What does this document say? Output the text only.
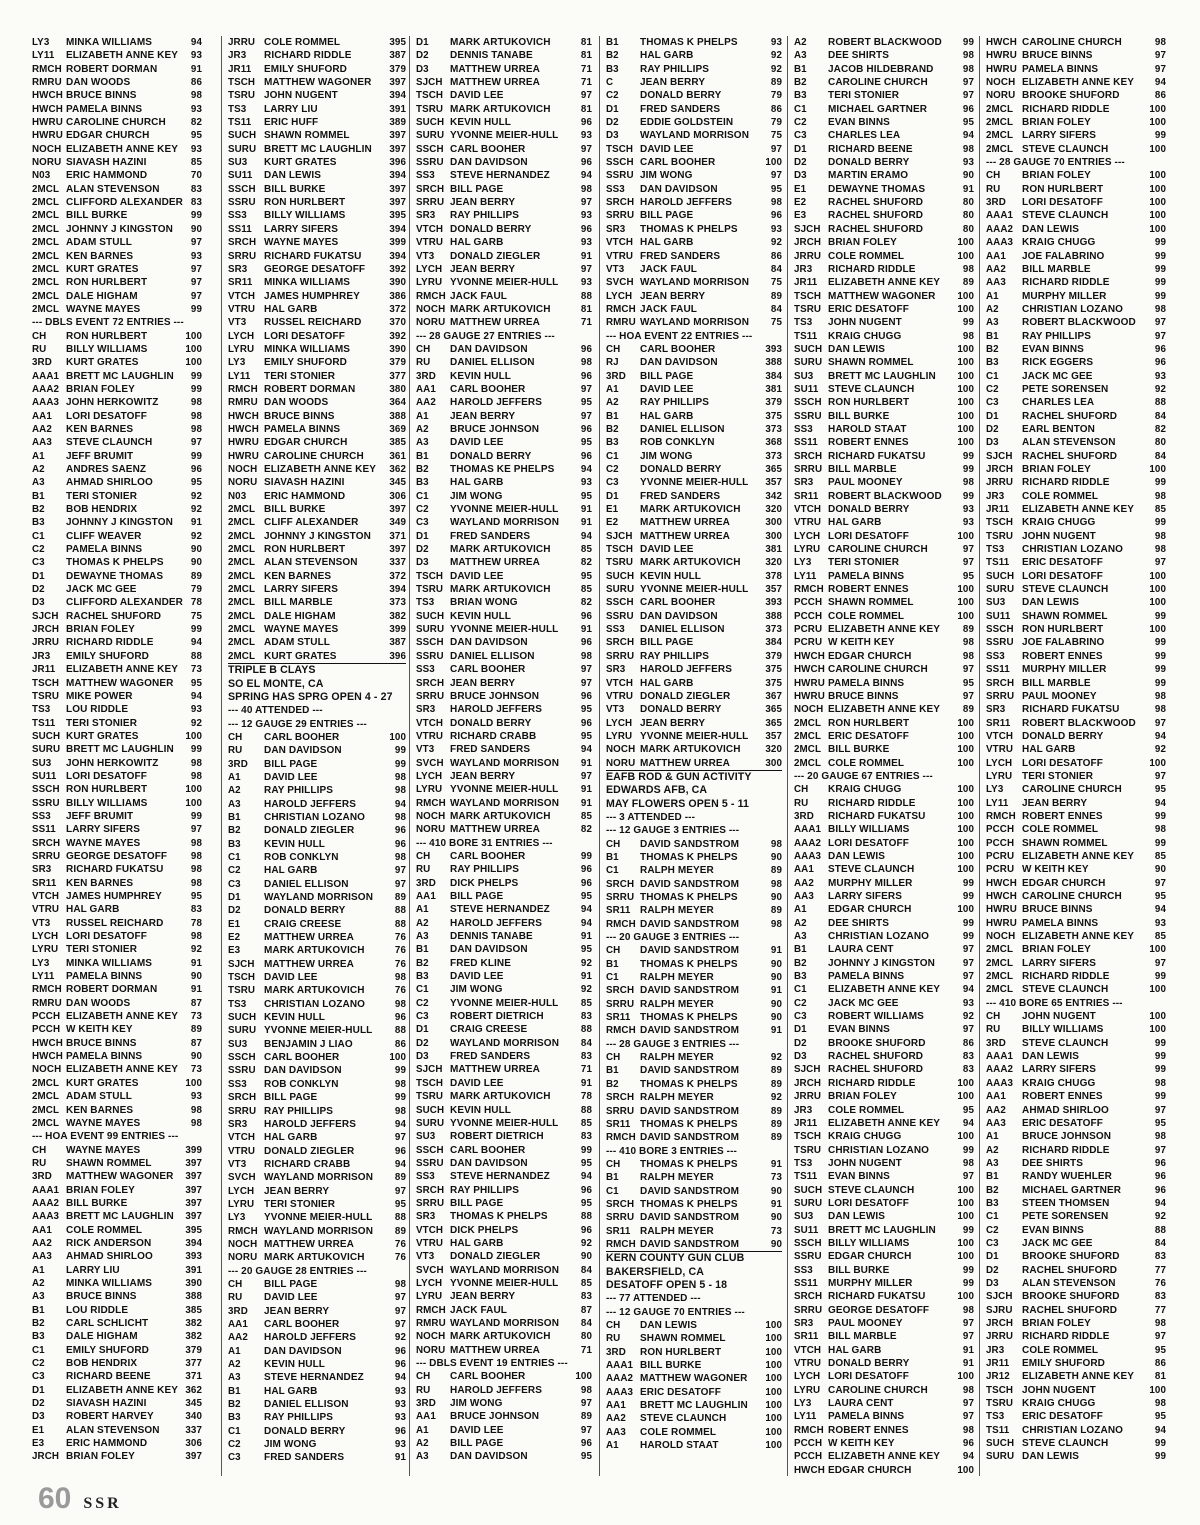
LY3	MINKA WILLIAMS	94
LY11	ELIZABETH ANNE KEY	93
RMCH ROBERT DORMAN	91
RMRU DAN WOODS	86
HWCH BRUCE BINNS	98
HWCH PAMELA BINNS	93
HWRU CAROLINE CHURCH	82
HWRU EDGAR CHURCH	95
NOCH ELIZABETH ANNE KEY	93
NORU SIAVASH HAZINI	85
N03	ERIC HAMMOND	70
2MCL ALAN STEVENSON	83
2MCL CLIFFORD ALEXANDER 83
2MCL BILL BURKE	99
2MCL JOHNNY J KINGSTON	90
2MCL ADAM STULL	97
2MCL KEN BARNES	93
2MCL KURT GRATES	97
2MCL RON HURLBERT	97
2MCL DALE HIGHAM	97
2MCL WAYNE MAYES	99
--- DBLS EVENT 72 ENTRIES ---
CH	RON HURLBERT	100
RU	BILLY WILLIAMS	100
3RD	KURT GRATES	100
AAA1 BRETT MC LAUGHLIN	99
AAA2 BRIAN FOLEY	99
AAA3 JOHN HERKOWITZ	98
AA1	LORI DESATOFF	98
AA2	KEN BARNES	98
AA3	STEVE CLAUNCH	97
A1	JEFF BRUMIT	99
A2	ANDRES SAENZ	96
A3	AHMAD SHIRLOO	95
B1	TERI STONIER	92
B2	BOB HENDRIX	92
B3	JOHNNY J KINGSTON	91
C1	CLIFF WEAVER	92
C2	PAMELA BINNS	90
C3	THOMAS K PHELPS	90
D1	DEWAYNE THOMAS	89
D2	JACK MC GEE	79
D3	CLIFFORD ALEXANDER 78
SJCH RACHEL SHUFORD	75
JRCH BRIAN FOLEY	99
JRRU RICHARD RIDDLE	94
JR3	EMILY SHUFORD	88
JR11	ELIZABETH ANNE KEY	73
TSCH MATTHEW WAGONER	95
TSRU MIKE POWER	94
TS3	LOU RIDDLE	93
TS11	TERI STONIER	92
SUCH KURT GRATES	100
SURU BRETT MC LAUGHLIN	99
SU3	JOHN HERKOWITZ	98
SU11 LORI DESATOFF	98
SSCH RON HURLBERT	100
SSRU BILLY WILLIAMS	100
SS3	JEFF BRUMIT	99
SS11	LARRY SIFERS	97
SRCH WAYNE MAYES	98
SRRU GEORGE DESATOFF	98
SR3	RICHARD FUKATSU	98
SR11 KEN BARNES	98
VTCH JAMES HUMPHREY	95
VTRU HAL GARB	83
VT3	RUSSEL REICHARD	78
LYCH LORI DESATOFF	98
LYRU TERI STONIER	92
LY3	MINKA WILLIAMS	91
LY11	PAMELA BINNS	90
RMCH ROBERT DORMAN	91
RMRU DAN WOODS	87
PCCH ELIZABETH ANNE KEY	73
PCCH W KEITH KEY	89
HWCH BRUCE BINNS	87
HWCH PAMELA BINNS	90
NOCH ELIZABETH ANNE KEY	73
2MCL KURT GRATES	100
2MCL ADAM STULL	93
2MCL KEN BARNES	98
2MCL WAYNE MAYES	98
--- HOA EVENT 99 ENTRIES ---
CH	WAYNE MAYES	399
RU	SHAWN ROMMEL	397
3RD	MATTHEW WAGONER	397
AAA1 BRIAN FOLEY	397
AAA2 BILL BURKE	397
AAA3 BRETT MC LAUGHLIN	397
AA1	COLE ROMMEL	395
AA2	RICK ANDERSON	394
AA3	AHMAD SHIRLOO	393
A1	LARRY LIU	391
A2	MINKA WILLIAMS	390
A3	BRUCE BINNS	388
B1	LOU RIDDLE	385
B2	CARL SCHLICHT	382
B3	DALE HIGHAM	382
C1	EMILY SHUFORD	379
C2	BOB HENDRIX	377
C3	RICHARD BEENE	371
D1	ELIZABETH ANNE KEY 362
D2	SIAVASH HAZINI	345
D3	ROBERT HARVEY	340
E1	ALAN STEVENSON	337
E3	ERIC HAMMOND	306
JRCH BRIAN FOLEY	397
JRRU COLE ROMMEL	395
JR3	RICHARD RIDDLE	387
JR11	EMILY SHUFORD	379
TSCH MATTHEW WAGONER	397
TSRU JOHN NUGENT	394
TS3	LARRY LIU	391
TS11	ERIC HUFF	389
SUCH SHAWN ROMMEL	397
SURU BRETT MC LAUGHLIN	397
SU3	KURT GRATES	396
SU11	DAN LEWIS	394
SSCH BILL BURKE	397
SSRU RON HURLBERT	397
SS3	BILLY WILLIAMS	395
SS11	LARRY SIFERS	394
SRCH WAYNE MAYES	399
SRRU RICHARD FUKATSU	394
SR3	GEORGE DESATOFF	392
SR11	MINKA WILLIAMS	390
VTCH JAMES HUMPHREY	386
VTRU HAL GARB	372
VT3	RUSSEL REICHARD	370
LYCH LORI DESATOFF	392
LYRU MINKA WILLIAMS	390
LY3	EMILY SHUFORD	379
LY11	TERI STONIER	377
RMCH ROBERT DORMAN	380
RMRU DAN WOODS	364
HWCH BRUCE BINNS	388
HWCH PAMELA BINNS	369
HWRU EDGAR CHURCH	385
HWRU CAROLINE CHURCH	361
NOCH ELIZABETH ANNE KEY	362
NORU SIAVASH HAZINI	345
N03	ERIC HAMMOND	306
2MCL BILL BURKE	397
2MCL CLIFF ALEXANDER	349
2MCL JOHNNY J KINGSTON	371
2MCL RON HURLBERT	397
2MCL ALAN STEVENSON	337
2MCL KEN BARNES	372
2MCL LARRY SIFERS	394
2MCL BILL MARBLE	373
2MCL DALE HIGHAM	382
2MCL WAYNE MAYES	399
2MCL ADAM STULL	387
2MCL KURT GRATES	396
TRIPLE B CLAYS
SO EL MONTE, CA
SPRING HAS SPRG OPEN 4 - 27
--- 40 ATTENDED ---
--- 12 GAUGE 29 ENTRIES ---
CH	CARL BOOHER	100
RU	DAN DAVIDSON	99
3RD	BILL PAGE	99
A1	DAVID LEE	98
A2	RAY PHILLIPS	98
A3	HAROLD JEFFERS	94
B1	CHRISTIAN LOZANO	98
B2	DONALD ZIEGLER	96
B3	KEVIN HULL	96
C1	ROB CONKLYN	98
C2	HAL GARB	97
C3	DANIEL ELLISON	97
D1	WAYLAND MORRISON	89
D2	DONALD BERRY	88
E1	CRAIG CREESE	88
E2	MATTHEW URREA	76
E3	MARK ARTUKOVICH	76
SJCH MATTHEW URREA	76
TSCH DAVID LEE	98
TSRU MARK ARTUKOVICH	76
TS3	CHRISTIAN LOZANO	98
SUCH KEVIN HULL	96
SURU YVONNE MEIER-HULL	88
SU3	BENJAMIN J LIAO	86
SSCH CARL BOOHER	100
SSRU DAN DAVIDSON	99
SS3	ROB CONKLYN	98
SRCH BILL PAGE	99
SRRU RAY PHILLIPS	98
SR3	HAROLD JEFFERS	94
VTCH HAL GARB	97
VTRU DONALD ZIEGLER	96
VT3	RICHARD CRABB	94
SVCH WAYLAND MORRISON	89
LYCH JEAN BERRY	97
LYRU TERI STONIER	95
LY3	YVONNE MEIER-HULL	88
RMCH WAYLAND MORRISON	89
NOCH MATTHEW URREA	76
NORU MARK ARTUKOVICH	76
--- 20 GAUGE 28 ENTRIES ---
CH	BILL PAGE	98
RU	DAVID LEE	97
3RD	JEAN BERRY	97
AA1	CARL BOOHER	97
AA2	HAROLD JEFFERS	92
A1	DAN DAVIDSON	96
A2	KEVIN HULL	96
A3	STEVE HERNANDEZ	94
B1	HAL GARB	93
B2	DANIEL ELLISON	93
B3	RAY PHILLIPS	93
C1	DONALD BERRY	96
C2	JIM WONG	93
C3	FRED SANDERS	91
D1	MARK ARTUKOVICH	81
D2	DENNIS TANABE	81
D3	MATTHEW URREA	71
SJCH MATTHEW URREA	71
TSCH DAVID LEE	97
TSRU MARK ARTUKOVICH	81
SUCH KEVIN HULL	96
SURU YVONNE MEIER-HULL	93
SSCH CARL BOOHER	97
SSRU DAN DAVIDSON	96
SS3	STEVE HERNANDEZ	94
SRCH BILL PAGE	98
SRRU JEAN BERRY	97
SR3	RAY PHILLIPS	93
VTCH DONALD BERRY	96
VTRU HAL GARB	93
VT3	DONALD ZIEGLER	91
LYCH JEAN BERRY	97
LYRU YVONNE MEIER-HULL	93
RMCH JACK FAUL	88
NOCH MARK ARTUKOVICH	81
NORU MATTHEW URREA	71
--- 28 GAUGE 27 ENTRIES ---
CH	DAN DAVIDSON	96
RU	DANIEL ELLISON	98
3RD	KEVIN HULL	96
AA1	CARL BOOHER	97
AA2	HAROLD JEFFERS	95
A1	JEAN BERRY	97
A2	BRUCE JOHNSON	96
A3	DAVID LEE	95
B1	DONALD BERRY	96
B2	THOMAS KE PHELPS	94
B3	HAL GARB	93
C1	JIM WONG	95
C2	YVONNE MEIER-HULL	91
C3	WAYLAND MORRISON	91
D1	FRED SANDERS	94
D2	MARK ARTUKOVICH	85
D3	MATTHEW URREA	82
TSCH DAVID LEE	95
TSRU MARK ARTUKOVICH	85
TS3	BRIAN WONG	82
SUCH KEVIN HULL	96
SURU YVONNE MEIER-HULL	91
SSCH DAN DAVIDSON	96
SSRU DANIEL ELLISON	98
SS3	CARL BOOHER	97
SRCH JEAN BERRY	97
SRRU BRUCE JOHNSON	96
SR3	HAROLD JEFFERS	95
VTCH DONALD BERRY	96
VTRU RICHARD CRABB	95
VT3	FRED SANDERS	94
SVCH WAYLAND MORRISON	91
LYCH JEAN BERRY	97
LYRU YVONNE MEIER-HULL	91
RMCH WAYLAND MORRISON	91
NOCH MARK ARTUKOVICH	85
NORU MATTHEW URREA	82
--- 410 BORE 31 ENTRIES ---
CH	CARL BOOHER	99
RU	RAY PHILLIPS	96
3RD	DICK PHELPS	96
AA1	BILL PAGE	95
A1	STEVE HERNANDEZ	94
A2	HAROLD JEFFERS	94
A3	DENNIS TANABE	91
B1	DAN DAVIDSON	95
B2	FRED KLINE	92
B3	DAVID LEE	91
C1	JIM WONG	92
C2	YVONNE MEIER-HULL	85
C3	ROBERT DIETRICH	83
D1	CRAIG CREESE	88
D2	WAYLAND MORRISON	84
D3	FRED SANDERS	83
SJCH MATTHEW URREA	71
TSCH DAVID LEE	91
TSRU MARK ARTUKOVICH	78
SUCH KEVIN HULL	88
SURU YVONNE MEIER-HULL	85
SU3	ROBERT DIETRICH	83
SSCH CARL BOOHER	99
SSRU DAN DAVIDSON	95
SS3	STEVE HERNANDEZ	94
SRCH RAY PHILLIPS	96
SRRU BILL PAGE	95
SR3	THOMAS K PHELPS	88
VTCH DICK PHELPS	96
VTRU HAL GARB	92
VT3	DONALD ZIEGLER	90
SVCH WAYLAND MORRISON	84
LYCH YVONNE MEIER-HULL	85
LYRU JEAN BERRY	83
RMCH JACK FAUL	87
RMRU WAYLAND MORRISON	84
NOCH MARK ARTUKOVICH	80
NORU MATTHEW URREA	71
--- DBLS EVENT 19 ENTRIES ---
CH	CARL BOOHER	100
RU	HAROLD JEFFERS	98
3RD	JIM WONG	97
AA1	BRUCE JOHNSON	89
A1	DAVID LEE	97
A2	BILL PAGE	96
A3	DAN DAVIDSON	95
B1	THOMAS K PHELPS	93
B2	HAL GARB	92
B3	RAY PHILLIPS	92
C	JEAN BERRY	89
C2	DONALD BERRY	79
D1	FRED SANDERS	86
D2	EDDIE GOLDSTEIN	79
D3	WAYLAND MORRISON	75
TSCH DAVID LEE	97
SSCH CARL BOOHER	100
SSRU JIM WONG	97
SS3	DAN DAVIDSON	95
SRCH HAROLD JEFFERS	98
SRRU BILL PAGE	96
SR3	THOMAS K PHELPS	93
VTCH HAL GARB	92
VTRU FRED SANDERS	86
VT3	JACK FAUL	84
SVCH WAYLAND MORRISON	75
LYCH JEAN BERRY	89
RMCH JACK FAUL	84
RMRU WAYLAND MORRISON	75
--- HOA EVENT 22 ENTRIES ---
CH	CARL BOOHER	393
RJ	DAN DAVIDSON	388
3RD	BILL PAGE	384
A1	DAVID LEE	381
A2	RAY PHILLIPS	379
B1	HAL GARB	375
B2	DANIEL ELLISON	373
B3	ROB CONKLYN	368
C1	JIM WONG	373
C2	DONALD BERRY	365
C3	YVONNE MEIER-HULL	357
D1	FRED SANDERS	342
E1	MARK ARTUKOVICH	320
E2	MATTHEW URREA	300
SJCH MATTHEW URREA	300
TSCH DAVID LEE	381
TSRU MARK ARTUKOVICH	320
SUCH KEVIN HULL	378
SURU YVONNE MEIER-HULL	357
SSCH CARL BOOHER	393
SSRU DAN DAVIDSON	388
SS3	DANIEL ELLISON	373
SRCH BILL PAGE	384
SRRU RAY PHILLIPS	379
SR3	HAROLD JEFFERS	375
VTCH HAL GARB	375
VTRU DONALD ZIEGLER	367
VT3	DONALD BERRY	365
LYCH JEAN BERRY	365
LYRU YVONNE MEIER-HULL	357
NOCH MARK ARTUKOVICH	320
NORU MATTHEW URREA	300
EAFB ROD & GUN ACTIVITY
EDWARDS AFB, CA
MAY FLOWERS OPEN 5 - 11
--- 3 ATTENDED ---
--- 12 GAUGE 3 ENTRIES ---
CH	DAVID SANDSTROM	98
B1	THOMAS K PHELPS	90
C1	RALPH MEYER	89
SRCH DAVID SANDSTROM	98
SRRU THOMAS K PHELPS	90
SR11 RALPH MEYER	89
RMCH DAVID SANDSTROM	98
--- 20 GAUGE 3 ENTRIES ---
CH	DAVID SANDSTROM	91
B1	THOMAS K PHELPS	90
C1	RALPH MEYER	90
SRCH DAVID SANDSTROM	91
SRRU RALPH MEYER	90
SR11 THOMAS K PHELPS	90
RMCH DAVID SANDSTROM	91
--- 28 GAUGE 3 ENTRIES ---
CH	RALPH MEYER	92
B1	DAVID SANDSTROM	89
B2	THOMAS K PHELPS	89
SRCH RALPH MEYER	92
SRRU DAVID SANDSTROM	89
SR11 THOMAS K PHELPS	89
RMCH DAVID SANDSTROM	89
--- 410 BORE 3 ENTRIES ---
CH	THOMAS K PHELPS	91
B1	RALPH MEYER	73
C1	DAVID SANDSTROM	90
SRCH THOMAS K PHELPS	91
SRRU DAVID SANDSTROM	90
SR11 RALPH MEYER	73
RMCH DAVID SANDSTROM	90
KERN COUNTY GUN CLUB
BAKERSFIELD, CA
DESATOFF OPEN 5 - 18
--- 77 ATTENDED ---
--- 12 GAUGE 70 ENTRIES ---
CH	DAN LEWIS	100
RU	SHAWN ROMMEL	100
3RD	RON HURLBERT	100
AAA1 BILL BURKE	100
AAA2 MATTHEW WAGONER	100
AAA3 ERIC DESATOFF	100
AA1	BRETT MC LAUGHLIN	100
AA2	STEVE CLAUNCH	100
AA3	COLE ROMMEL	100
A1	HAROLD STAAT	100
A2	ROBERT BLACKWOOD	99
A3	DEE SHIRTS	98
B1	JACOB HILDEBRAND	98
B2	CAROLINE CHURCH	97
B3	TERI STONIER	97
C1	MICHAEL GARTNER	96
C2	EVAN BINNS	95
C3	CHARLES LEA	94
D1	RICHARD BEENE	98
D2	DONALD BERRY	93
D3	MARTIN ERAMO	90
E1	DEWAYNE THOMAS	91
E2	RACHEL SHUFORD	80
E3	RACHEL SHUFORD	80
SJCH RACHEL SHUFORD	80
JRCH BRIAN FOLEY	100
JRRU COLE ROMMEL	100
JR3	RICHARD RIDDLE	98
JR11	ELIZABETH ANNE KEY	89
TSCH MATTHEW WAGONER	100
TSRU ERIC DESATOFF	100
TS3	JOHN NUGENT	99
TS11	KRAIG CHUGG	98
SUCH DAN LEWIS	100
SURU SHAWN ROMMEL	100
SU3	BRETT MC LAUGHLIN	100
SU11 STEVE CLAUNCH	100
SSCH RON HURLBERT	100
SSRU BILL BURKE	100
SS3	HAROLD STAAT	100
SS11	ROBERT ENNES	100
SRCH RICHARD FUKATSU	99
SRRU BILL MARBLE	99
SR3	PAUL MOONEY	98
SR11 ROBERT BLACKWOOD	99
VTCH DONALD BERRY	93
VTRU HAL GARB	93
LYCH LORI DESATOFF	100
LYRU CAROLINE CHURCH	97
LY3	TERI STONIER	97
LY11	PAMELA BINNS	95
RMCH ROBERT ENNES	100
PCCH SHAWN ROMMEL	100
PCCH COLE ROMMEL	100
PCRU ELIZABETH ANNE KEY	89
PCRU W KEITH KEY	98
HWCH EDGAR CHURCH	98
HWCH CAROLINE CHURCH	97
HWRU PAMELA BINNS	95
HWRU BRUCE BINNS	97
NOCH ELIZABETH ANNE KEY	89
2MCL RON HURLBERT	100
2MCL ERIC DESATOFF	100
2MCL BILL BURKE	100
2MCL COLE ROMMEL	100
--- 20 GAUGE 67 ENTRIES ---
CH	KRAIG CHUGG	100
RU	RICHARD RIDDLE	100
3RD	RICHARD FUKATSU	100
AAA1 BILLY WILLIAMS	100
AAA2 LORI DESATOFF	100
AAA3 DAN LEWIS	100
AA1	STEVE CLAUNCH	100
AA2	MURPHY MILLER	99
AA3	LARRY SIFERS	99
A1	EDGAR CHURCH	100
A2	DEE SHIRTS	99
A3	CHRISTIAN LOZANO	99
B1	LAURA CENT	97
B2	JOHNNY J KINGSTON	97
B3	PAMELA BINNS	97
C1	ELIZABETH ANNE KEY	94
C2	JACK MC GEE	93
C3	ROBERT WILLIAMS	92
D1	EVAN BINNS	97
D2	BROOKE SHUFORD	86
D3	RACHEL SHUFORD	83
SJCH RACHEL SHUFORD	83
JRCH RICHARD RIDDLE	100
JRRU BRIAN FOLEY	100
JR3	COLE ROMMEL	95
JR11	ELIZABETH ANNE KEY	94
TSCH KRAIG CHUGG	100
TSRU CHRISTIAN LOZANO	99
TS3	JOHN NUGENT	98
TS11	EVAN BINNS	97
SUCH STEVE CLAUNCH	100
SURU LORI DESATOFF	100
SU3	DAN LEWIS	100
SU11 BRETT MC LAUGHLIN	99
SSCH BILLY WILLIAMS	100
SSRU EDGAR CHURCH	100
SS3	BILL BURKE	99
SS11	MURPHY MILLER	99
SRCH RICHARD FUKATSU	100
SRRU GEORGE DESATOFF	98
SR3	PAUL MOONEY	97
SR11 BILL MARBLE	97
VTCH HAL GARB	91
VTRU DONALD BERRY	91
LYCH LORI DESATOFF	100
LYRU CAROLINE CHURCH	98
LY3	LAURA CENT	97
LY11	PAMELA BINNS	97
RMCH ROBERT ENNES	98
PCCH W KEITH KEY	96
PCCH ELIZABETH ANNE KEY	94
HWCH EDGAR CHURCH	100
HWCH CAROLINE CHURCH	98
HWRU BRUCE BINNS	97
HWRU PAMELA BINNS	97
NOCH ELIZABETH ANNE KEY	94
NORU BROOKE SHUFORD	86
2MCL RICHARD RIDDLE	100
2MCL BRIAN FOLEY	100
2MCL LARRY SIFERS	99
2MCL STEVE CLAUNCH	100
--- 28 GAUGE 70 ENTRIES ---
CH	BRIAN FOLEY	100
RU	RON HURLBERT	100
3RD	LORI DESATOFF	100
AAA1 STEVE CLAUNCH	100
AAA2 DAN LEWIS	100
AAA3 KRAIG CHUGG	99
AA1	JOE FALABRINO	99
AA2	BILL MARBLE	99
AA3	RICHARD RIDDLE	99
A1	MURPHY MILLER	99
A2	CHRISTIAN LOZANO	98
A3	ROBERT BLACKWOOD	97
B1	RAY PHILLIPS	97
B2	EVAN BINNS	96
B3	RICK EGGERS	96
C1	JACK MC GEE	93
C2	PETE SORENSEN	92
C3	CHARLES LEA	88
D1	RACHEL SHUFORD	84
D2	EARL BENTON	82
D3	ALAN STEVENSON	80
SJCH RACHEL SHUFORD	84
JRCH BRIAN FOLEY	100
JRRU RICHARD RIDDLE	99
JR3	COLE ROMMEL	98
JR11	ELIZABETH ANNE KEY	85
TSCH KRAIG CHUGG	99
TSRU JOHN NUGENT	98
TS3	CHRISTIAN LOZANO	98
TS11	ERIC DESATOFF	97
SUCH LORI DESATOFF	100
SURU STEVE CLAUNCH	100
SU3	DAN LEWIS	100
SU11	SHAWN ROMMEL	99
SSCH RON HURLBERT	100
SSRU JOE FALABRINO	99
SS3	ROBERT ENNES	99
SS11	MURPHY MILLER	99
SRCH BILL MARBLE	99
SRRU PAUL MOONEY	98
SR3	RICHARD FUKATSU	98
SR11	ROBERT BLACKWOOD	97
VTCH DONALD BERRY	94
VTRU HAL GARB	92
LYCH LORI DESATOFF	100
LYRU TERI STONIER	97
LY3	CAROLINE CHURCH	95
LY11	JEAN BERRY	94
RMCH ROBERT ENNES	99
PCCH COLE ROMMEL	98
PCCH SHAWN ROMMEL	99
PCRU ELIZABETH ANNE KEY	85
PCRU W KEITH KEY	90
HWCH EDGAR CHURCH	97
HWCH CAROLINE CHURCH	95
HWRU BRUCE BINNS	94
HWRU PAMELA BINNS	93
NOCH ELIZABETH ANNE KEY	85
2MCL BRIAN FOLEY	100
2MCL LARRY SIFERS	97
2MCL RICHARD RIDDLE	99
2MCL STEVE CLAUNCH	100
--- 410 BORE 65 ENTRIES ---
CH	JOHN NUGENT	100
RU	BILLY WILLIAMS	100
3RD	STEVE CLAUNCH	99
AAA1 DAN LEWIS	99
AAA2 LARRY SIFERS	99
AAA3 KRAIG CHUGG	98
AA1	ROBERT ENNES	99
AA2	AHMAD SHIRLOO	97
AA3	ERIC DESATOFF	95
A1	BRUCE JOHNSON	98
A2	RICHARD RIDDLE	97
A3	DEE SHIRTS	96
B1	RANDY WUEHLER	96
B2	MICHAEL GARTNER	96
B3	STEEN THOMSEN	94
C1	PETE SORENSEN	92
C2	EVAN BINNS	88
C3	JACK MC GEE	84
D1	BROOKE SHUFORD	83
D2	RACHEL SHUFORD	77
D3	ALAN STEVENSON	76
SJCH BROOKE SHUFORD	83
SJRU RACHEL SHUFORD	77
JRCH BRIAN FOLEY	98
JRRU RICHARD RIDDLE	97
JR3	COLE ROMMEL	95
JR11	EMILY SHUFORD	86
JR12	ELIZABETH ANNE KEY	81
TSCH JOHN NUGENT	100
TSRU KRAIG CHUGG	98
TS3	ERIC DESATOFF	95
TS11	CHRISTIAN LOZANO	94
SUCH STEVE CLAUNCH	99
SURU DAN LEWIS	99
60 SSR
